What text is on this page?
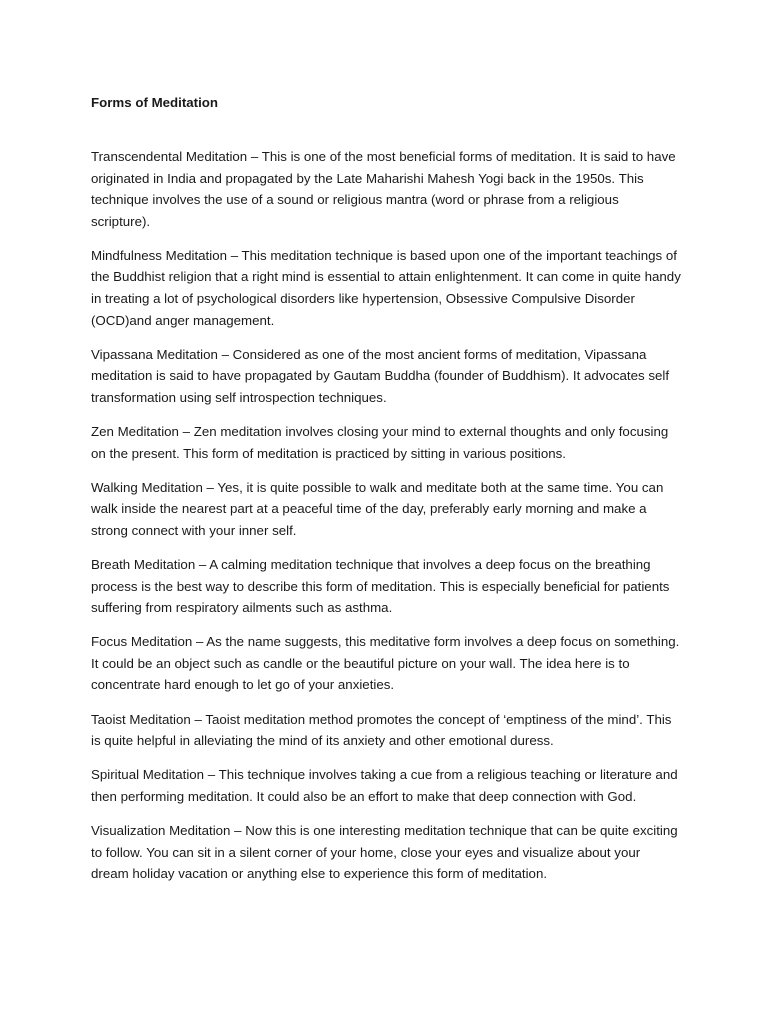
Forms of Meditation

Transcendental Meditation – This is one of the most beneficial forms of meditation. It is said to have originated in India and propagated by the Late Maharishi Mahesh Yogi back in the 1950s. This technique involves the use of a sound or religious mantra (word or phrase from a religious scripture).

Mindfulness Meditation – This meditation technique is based upon one of the important teachings of the Buddhist religion that a right mind is essential to attain enlightenment. It can come in quite handy in treating a lot of psychological disorders like hypertension, Obsessive Compulsive Disorder (OCD)and anger management.

Vipassana Meditation – Considered as one of the most ancient forms of meditation, Vipassana meditation is said to have propagated by Gautam Buddha (founder of Buddhism). It advocates self transformation using self introspection techniques.

Zen Meditation – Zen meditation involves closing your mind to external thoughts and only focusing on the present. This form of meditation is practiced by sitting in various positions.

Walking Meditation – Yes, it is quite possible to walk and meditate both at the same time. You can walk inside the nearest part at a peaceful time of the day, preferably early morning and make a strong connect with your inner self.

Breath Meditation – A calming meditation technique that involves a deep focus on the breathing process is the best way to describe this form of meditation. This is especially beneficial for patients suffering from respiratory ailments such as asthma.

Focus Meditation – As the name suggests, this meditative form involves a deep focus on something. It could be an object such as candle or the beautiful picture on your wall. The idea here is to concentrate hard enough to let go of your anxieties.

Taoist Meditation – Taoist meditation method promotes the concept of ‘emptiness of the mind’. This is quite helpful in alleviating the mind of its anxiety and other emotional duress.

Spiritual Meditation – This technique involves taking a cue from a religious teaching or literature and then performing meditation. It could also be an effort to make that deep connection with God.

Visualization Meditation – Now this is one interesting meditation technique that can be quite exciting to follow. You can sit in a silent corner of your home, close your eyes and visualize about your dream holiday vacation or anything else to experience this form of meditation.
